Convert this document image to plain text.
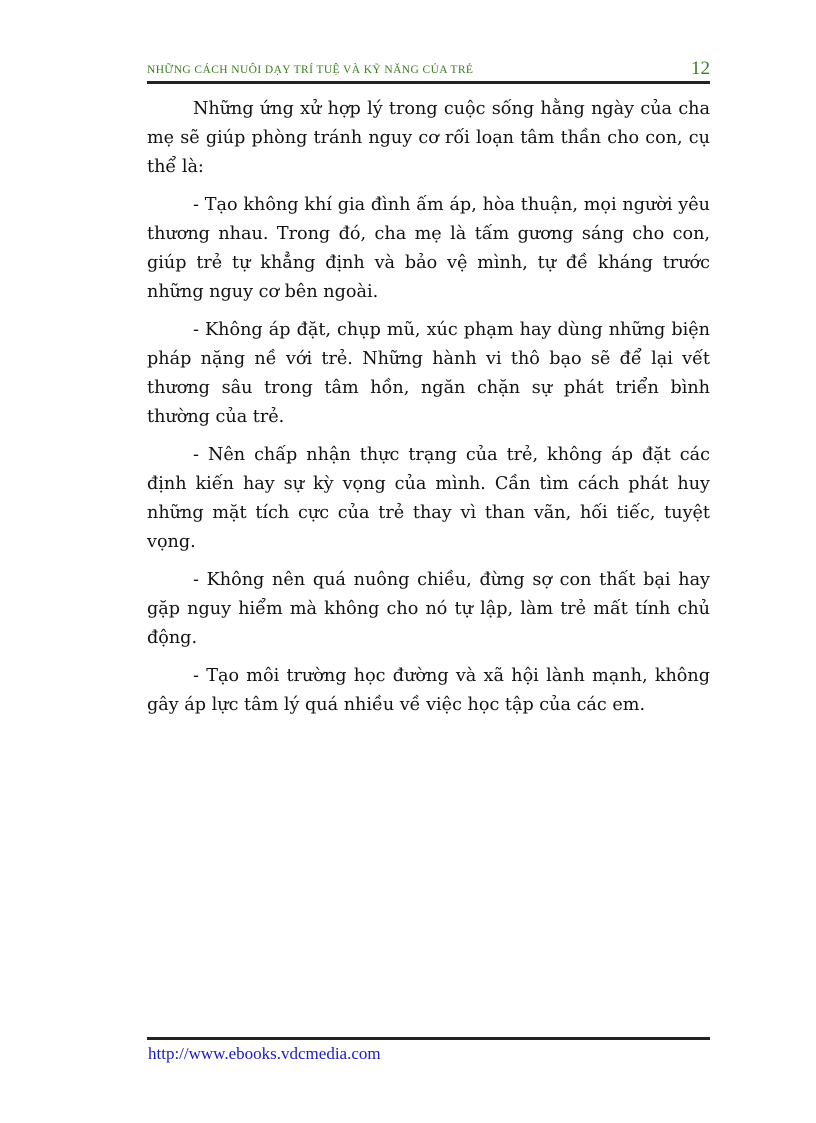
NHỮNG CÁCH NUÔI DẠY TRÍ TUỆ VÀ KỸ NĂNG CỦA TRẺ	12

Những ứng xử hợp lý trong cuộc sống hằng ngày của cha mẹ sẽ giúp phòng tránh nguy cơ rối loạn tâm thần cho con, cụ thể là:

- Tạo không khí gia đình ấm áp, hòa thuận, mọi người yêu thương nhau. Trong đó, cha mẹ là tấm gương sáng cho con, giúp trẻ tự khẳng định và bảo vệ mình, tự đề kháng trước những nguy cơ bên ngoài.

- Không áp đặt, chụp mũ, xúc phạm hay dùng những biện pháp nặng nề với trẻ. Những hành vi thô bạo sẽ để lại vết thương sâu trong tâm hồn, ngăn chặn sự phát triển bình thường của trẻ.

- Nên chấp nhận thực trạng của trẻ, không áp đặt các định kiến hay sự kỳ vọng của mình. Cần tìm cách phát huy những mặt tích cực của trẻ thay vì than vãn, hối tiếc, tuyệt vọng.

- Không nên quá nuông chiều, đừng sợ con thất bại hay gặp nguy hiểm mà không cho nó tự lập, làm trẻ mất tính chủ động.

- Tạo môi trường học đường và xã hội lành mạnh, không gây áp lực tâm lý quá nhiều về việc học tập của các em.

http://www.ebooks.vdcmedia.com
